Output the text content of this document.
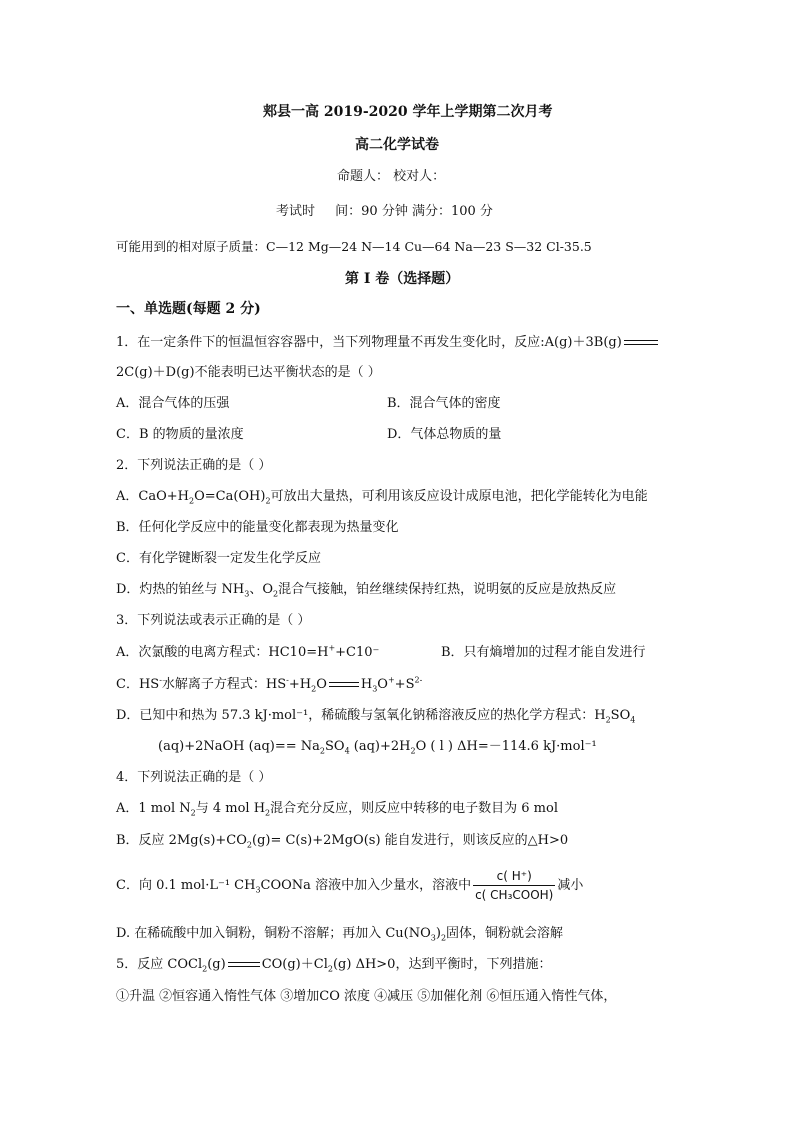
郏县一高 2019-2020 学年上学期第二次月考
高二化学试卷
命题人： 校对人：
考试时 间：90 分钟 满分：100 分
可能用到的相对原子质量：C—12 Mg—24 N—14 Cu—64 Na—23 S—32 Cl-35.5
第 I 卷（选择题）
一、单选题(每题 2 分)
1．在一定条件下的恒温恒容容器中，当下列物理量不再发生变化时，反应:A(g)＋3B(g)
2C(g)＋D(g)不能表明已达平衡状态的是（ ）
A．混合气体的压强	B．混合气体的密度
C．B 的物质的量浓度	D．气体总物质的量
2．下列说法正确的是（ ）
A．$CaO+H_2O=Ca(OH)_2$可放出大量热，可利用该反应设计成原电池，把化学能转化为电能
B．任何化学反应中的能量变化都表现为热量变化
C．有化学键断裂一定发生化学反应
D．灼热的铂丝与 $NH_3$、$O_2$混合气接触，铂丝继续保持红热，说明氨的反应是放热反应
3．下列说法或表示正确的是（ ）
A．次氯酸的电离方程式：HC10=H++C10⁻	B．只有熵增加的过程才能自发进行
C．HS-水解离子方程式：$HS^-+H_2O$	$H_3O^++S^{2-}$
D．已知中和热为 57.3 kJ·mol⁻¹，稀硫酸与氢氧化钠稀溶液反应的热化学方程式：$H_2SO_4$
(aq)+2NaOH $(aq)== Na_2SO_4$ $(aq)+2H_2O$ ( l ) ΔH=－114.6 kJ·mol⁻¹
4．下列说法正确的是（ ）
A．1 mol $N_2$与 4 mol $H_2$混合充分反应，则反应中转移的电子数目为 6 mol
B．反应 $2Mg(s)+CO_2(g)= C(s)+2MgO(s)$ 能自发进行，则该反应的△H>0
C．向 0.1 mol·L⁻¹ $CH_3COONa$ 溶液中加入少量水，溶液中 $\frac{c( H^+)}{\text{c( CH₃COOH)}}$ 减小
D. 在稀硫酸中加入铜粉，铜粉不溶解；再加入 $Cu(NO_3)_2$固体，铜粉就会溶解
5．反应 COCl$_2$(g)	$CO(g)+Cl_2(g)$ ΔH>0，达到平衡时，下列措施：
①升温 ②恒容通入惰性气体 ③增加CO 浓度 ④减压 ⑤加催化剂 ⑥恒压通入惰性气体，
